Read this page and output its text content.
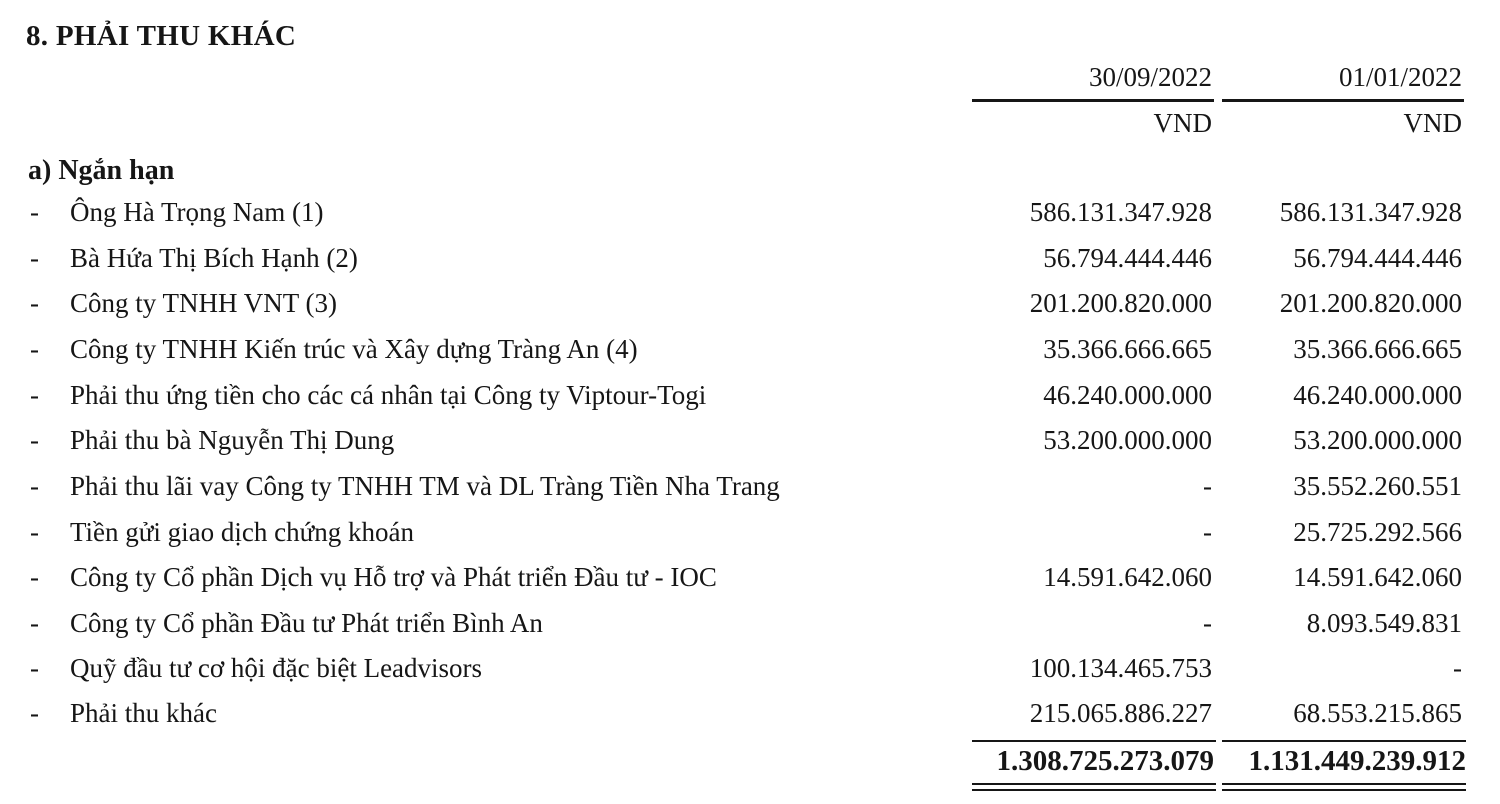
8. PHẢI THU KHÁC
30/09/2022	01/01/2022
VND	VND
a) Ngắn hạn
- Ông Hà Trọng Nam (1)	586.131.347.928	586.131.347.928
- Bà Hứa Thị Bích Hạnh (2)	56.794.444.446	56.794.444.446
- Công ty TNHH VNT (3)	201.200.820.000	201.200.820.000
- Công ty TNHH Kiến trúc và Xây dựng Tràng An (4)	35.366.666.665	35.366.666.665
- Phải thu ứng tiền cho các cá nhân tại Công ty Viptour-Togi	46.240.000.000	46.240.000.000
- Phải thu bà Nguyễn Thị Dung	53.200.000.000	53.200.000.000
- Phải thu lãi vay Công ty TNHH TM và DL Tràng Tiền Nha Trang	-	35.552.260.551
- Tiền gửi giao dịch chứng khoán	-	25.725.292.566
- Công ty Cổ phần Dịch vụ Hỗ trợ và Phát triển Đầu tư - IOC	14.591.642.060	14.591.642.060
- Công ty Cổ phần Đầu tư Phát triển Bình An	-	8.093.549.831
- Quỹ đầu tư cơ hội đặc biệt Leadvisors	100.134.465.753	-
- Phải thu khác	215.065.886.227	68.553.215.865
1.308.725.273.079	1.131.449.239.912
